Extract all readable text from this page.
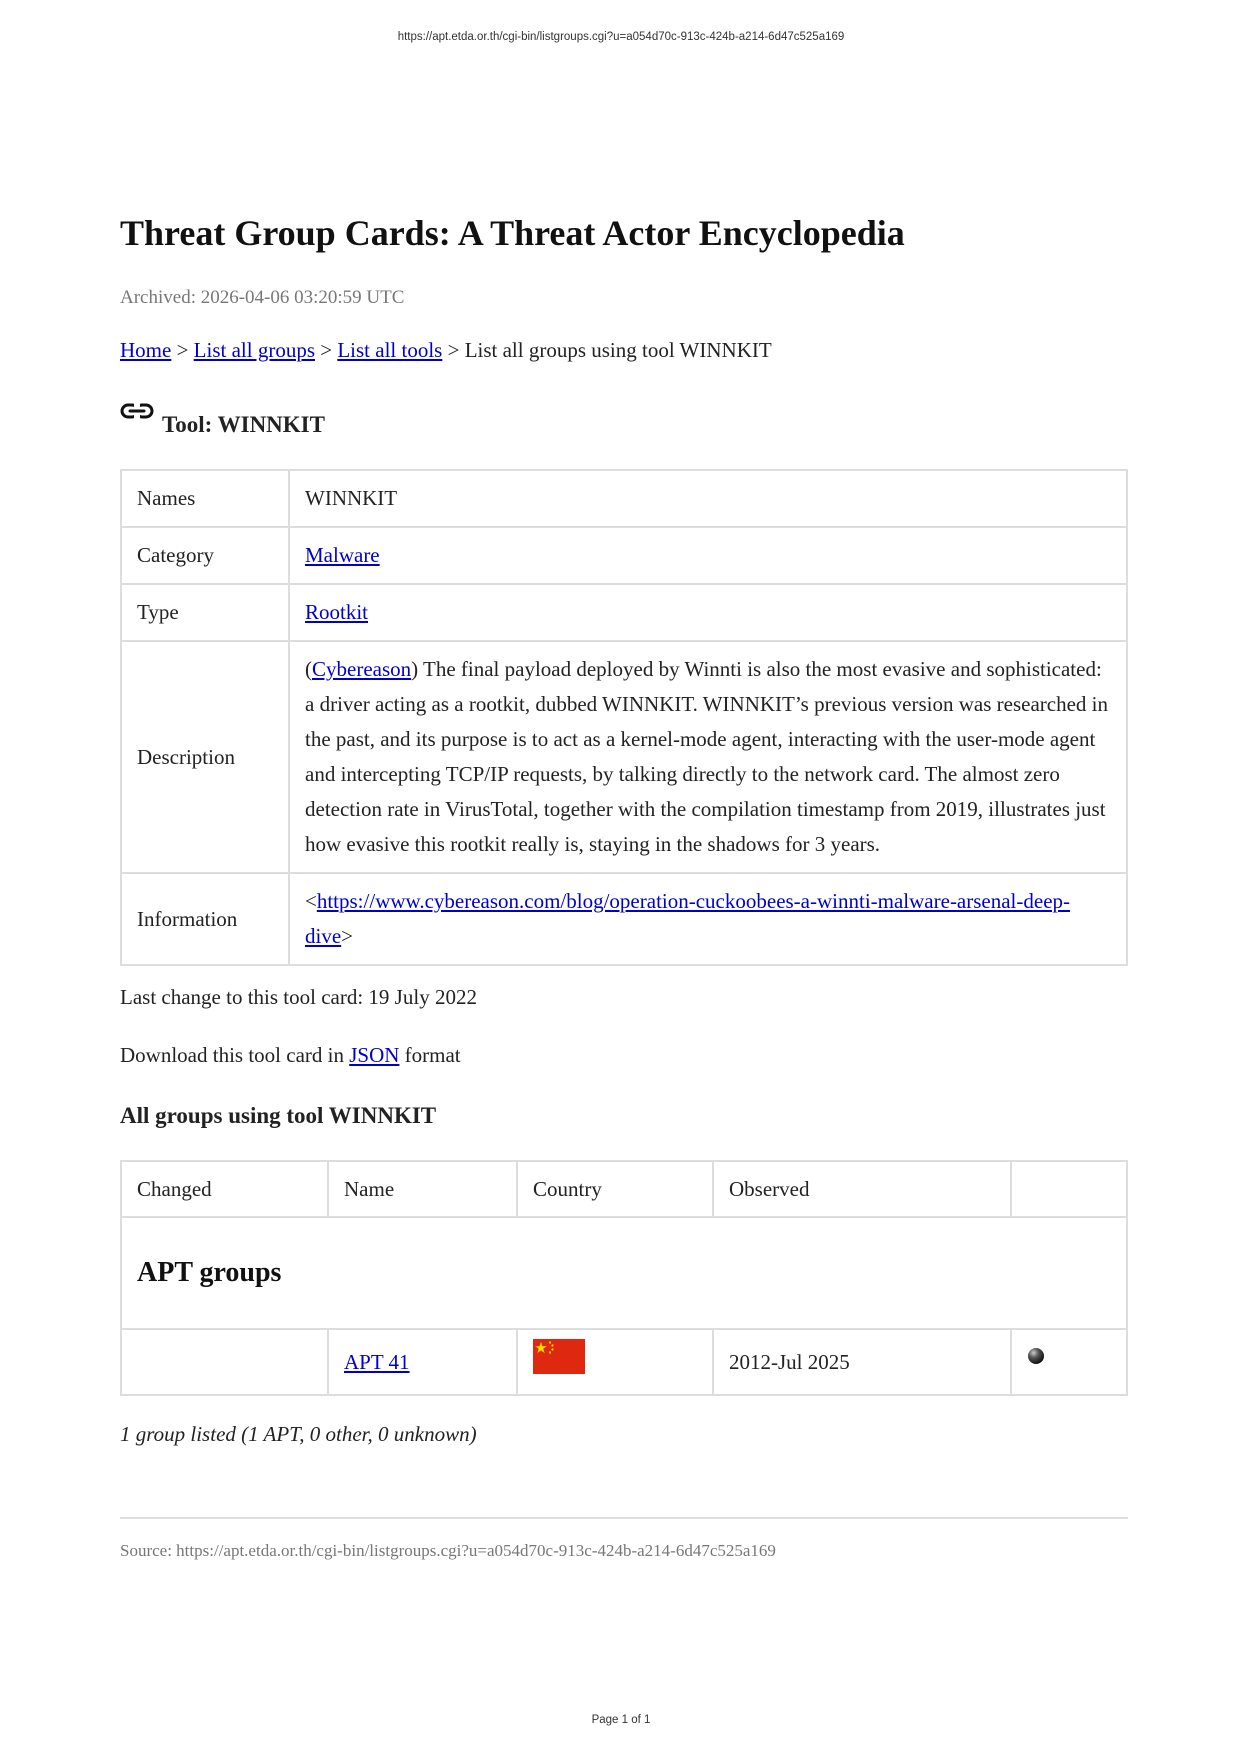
https://apt.etda.or.th/cgi-bin/listgroups.cgi?u=a054d70c-913c-424b-a214-6d47c525a169
Threat Group Cards: A Threat Actor Encyclopedia
Archived: 2026-04-06 03:20:59 UTC
Home > List all groups > List all tools > List all groups using tool WINNKIT
Tool: WINNKIT
Names	WINNKIT
Category	Malware
Type	Rootkit
Description	(Cybereason) The final payload deployed by Winnti is also the most evasive and sophisticated: a driver acting as a rootkit, dubbed WINNKIT. WINNKIT’s previous version was researched in the past, and its purpose is to act as a kernel-mode agent, interacting with the user-mode agent and intercepting TCP/IP requests, by talking directly to the network card. The almost zero detection rate in VirusTotal, together with the compilation timestamp from 2019, illustrates just how evasive this rootkit really is, staying in the shadows for 3 years.
Information	<https://www.cybereason.com/blog/operation-cuckoobees-a-winnti-malware-arsenal-deep-dive>
Last change to this tool card: 19 July 2022
Download this tool card in JSON format
All groups using tool WINNKIT
Changed	Name	Country	Observed	
APT groups				
	APT 41		2012-Jul 2025	
1 group listed (1 APT, 0 other, 0 unknown)
Source: https://apt.etda.or.th/cgi-bin/listgroups.cgi?u=a054d70c-913c-424b-a214-6d47c525a169
Page 1 of 1
